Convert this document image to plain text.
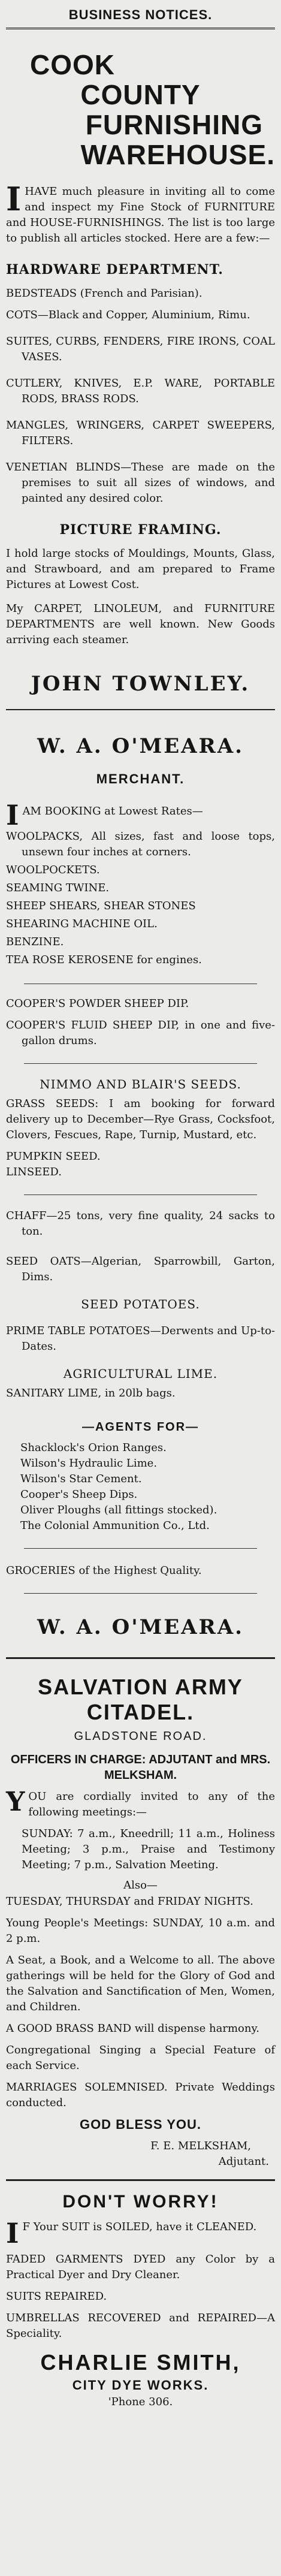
BUSINESS NOTICES.
COOK
COUNTY
FURNISHING
WAREHOUSE.
I HAVE much pleasure in inviting all to come and inspect my Fine Stock of FURNITURE and HOUSE-FURNISHINGS. The list is too large to publish all articles stocked. Here are a few:—

HARDWARE DEPARTMENT.

BEDSTEADS (French and Parisian).

COTS—Black and Copper, Aluminium, Rimu.

SUITES, CURBS, FENDERS, FIRE IRONS, COAL VASES.

CUTLERY, KNIVES, E.P. WARE, PORTABLE RODS, BRASS RODS.

MANGLES, WRINGERS, CARPET SWEEPERS, FILTERS.

VENETIAN BLINDS—These are made on the premises to suit all sizes of windows, and painted any desired color.

PICTURE FRAMING.

I hold large stocks of Mouldings, Mounts, Glass, and Strawboard, and am prepared to Frame Pictures at Lowest Cost.

My CARPET, LINOLEUM, and FURNITURE DEPARTMENTS are well known. New Goods arriving each steamer.

JOHN TOWNLEY.
W. A. O'MEARA.
MERCHANT.
I AM BOOKING at Lowest Rates—

WOOLPACKS, All sizes, fast and loose tops, unsewn four inches at corners.

WOOLPOCKETS.

SEAMING TWINE.

SHEEP SHEARS, SHEAR STONES

SHEARING MACHINE OIL.

BENZINE.

TEA ROSE KEROSENE for engines.

COOPER'S POWDER SHEEP DIP.

COOPER'S FLUID SHEEP DIP, in one and five-gallon drums.

NIMMO AND BLAIR'S SEEDS.

GRASS SEEDS: I am booking for forward delivery up to December—Rye Grass, Cocksfoot, Clovers, Fescues, Rape, Turnip, Mustard, etc.

PUMPKIN SEED.

LINSEED.

CHAFF—25 tons, very fine quality, 24 sacks to ton.

SEED OATS—Algerian, Sparrowbill, Garton, Dims.

SEED POTATOES.

PRIME TABLE POTATOES—Derwents and Up-to-Dates.

AGRICULTURAL LIME.

SANITARY LIME, in 20lb bags.

—AGENTS FOR—

Shacklock's Orion Ranges.

Wilson's Hydraulic Lime.

Wilson's Star Cement.

Cooper's Sheep Dips.

Oliver Ploughs (all fittings stocked).

The Colonial Ammunition Co., Ltd.

GROCERIES of the Highest Quality.

W. A. O'MEARA.
SALVATION ARMY
CITADEL.
GLADSTONE ROAD.
OFFICERS IN CHARGE: ADJUTANT and MRS. MELKSHAM.
Y OU are cordially invited to any of the following meetings:—

SUNDAY: 7 a.m., Kneedrill; 11 a.m., Holiness Meeting; 3 p.m., Praise and Testimony Meeting; 7 p.m., Salvation Meeting.

Also—

TUESDAY, THURSDAY and FRIDAY NIGHTS.

Young People's Meetings: SUNDAY, 10 a.m. and 2 p.m.

A Seat, a Book, and a Welcome to all. The above gatherings will be held for the Glory of God and the Salvation and Sanctification of Men, Women, and Children.

A GOOD BRASS BAND will dispense harmony.

Congregational Singing a Special Feature of each Service.

MARRIAGES SOLEMNISED. Private Weddings conducted.

GOD BLESS YOU.
F. E. MELKSHAM,
Adjutant.
DON'T WORRY!
I F Your SUIT is SOILED, have it CLEANED.

FADED GARMENTS DYED any Color by a Practical Dyer and Dry Cleaner.

SUITS REPAIRED.

UMBRELLAS RECOVERED and REPAIRED—A Speciality.

CHARLIE SMITH,
CITY DYE WORKS.
'Phone 306.
